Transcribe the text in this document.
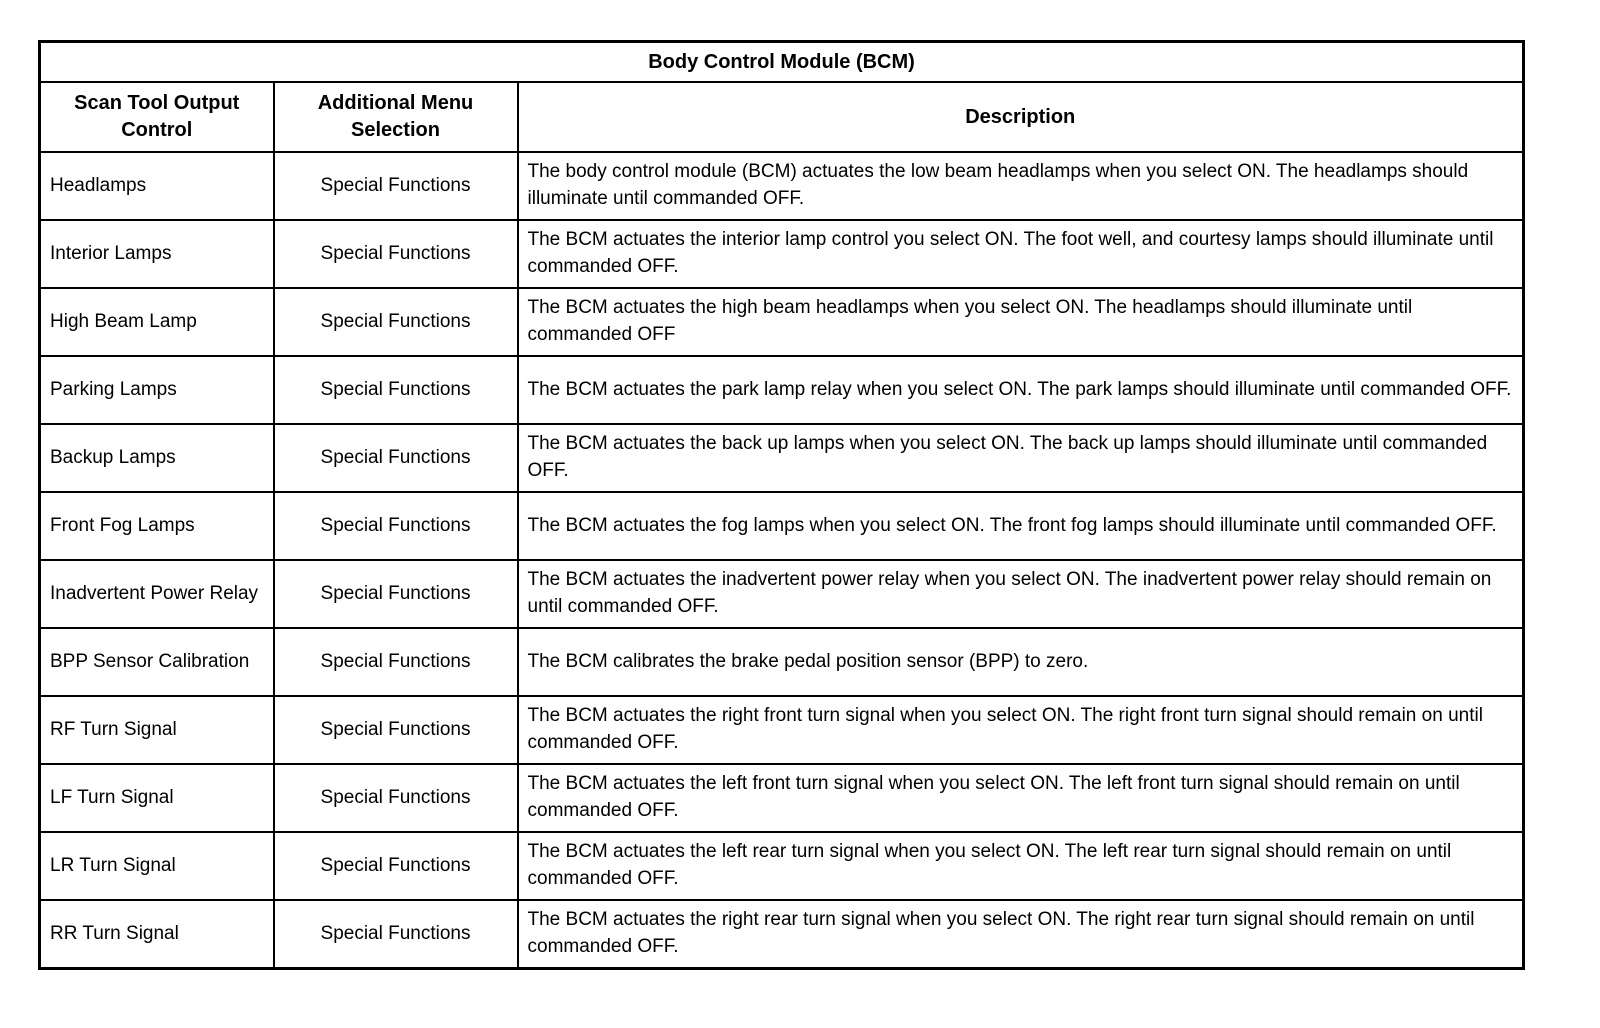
Body Control Module (BCM)		
Scan Tool Output Control	Additional Menu Selection	Description
Headlamps	Special Functions	The body control module (BCM) actuates the low beam headlamps when you select ON. The headlamps should illuminate until commanded OFF.
Interior Lamps	Special Functions	The BCM actuates the interior lamp control you select ON. The foot well, and courtesy lamps should illuminate until commanded OFF.
High Beam Lamp	Special Functions	The BCM actuates the high beam headlamps when you select ON. The headlamps should illuminate until commanded OFF
Parking Lamps	Special Functions	The BCM actuates the park lamp relay when you select ON. The park lamps should illuminate until commanded OFF.
Backup Lamps	Special Functions	The BCM actuates the back up lamps when you select ON. The back up lamps should illuminate until commanded OFF.
Front Fog Lamps	Special Functions	The BCM actuates the fog lamps when you select ON. The front fog lamps should illuminate until commanded OFF.
Inadvertent Power Relay	Special Functions	The BCM actuates the inadvertent power relay when you select ON. The inadvertent power relay should remain on until commanded OFF.
BPP Sensor Calibration	Special Functions	The BCM calibrates the brake pedal position sensor (BPP) to zero.
RF Turn Signal	Special Functions	The BCM actuates the right front turn signal when you select ON. The right front turn signal should remain on until commanded OFF.
LF Turn Signal	Special Functions	The BCM actuates the left front turn signal when you select ON. The left front turn signal should remain on until commanded OFF.
LR Turn Signal	Special Functions	The BCM actuates the left rear turn signal when you select ON. The left rear turn signal should remain on until commanded OFF.
RR Turn Signal	Special Functions	The BCM actuates the right rear turn signal when you select ON. The right rear turn signal should remain on until commanded OFF.
